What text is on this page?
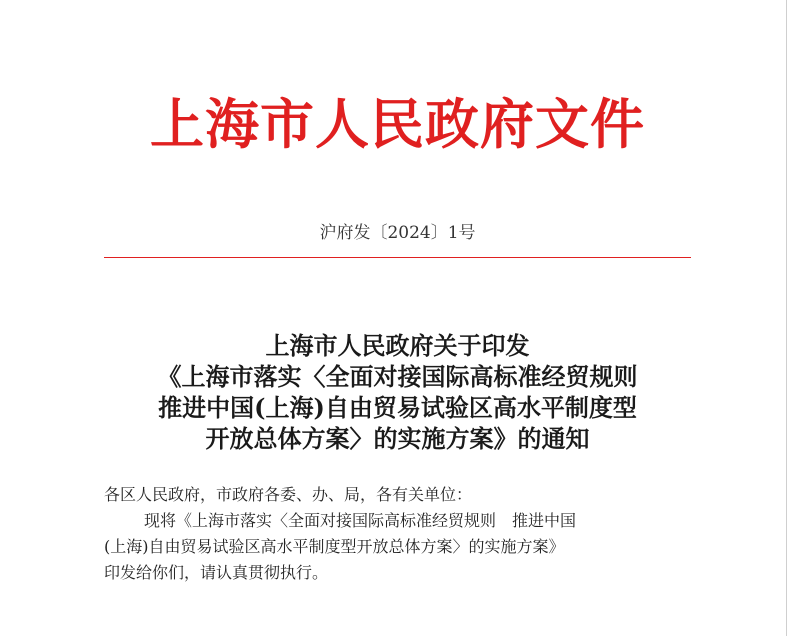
上海市人民政府文件
沪府发〔2024〕1号
上海市人民政府关于印发
《上海市落实〈全面对接国际高标准经贸规则
推进中国(上海)自由贸易试验区高水平制度型
开放总体方案〉的实施方案》的通知
各区人民政府，市政府各委、办、局，各有关单位：
现将《上海市落实〈全面对接国际高标准经贸规则　推进中国
(上海)自由贸易试验区高水平制度型开放总体方案〉的实施方案》
印发给你们，请认真贯彻执行。
